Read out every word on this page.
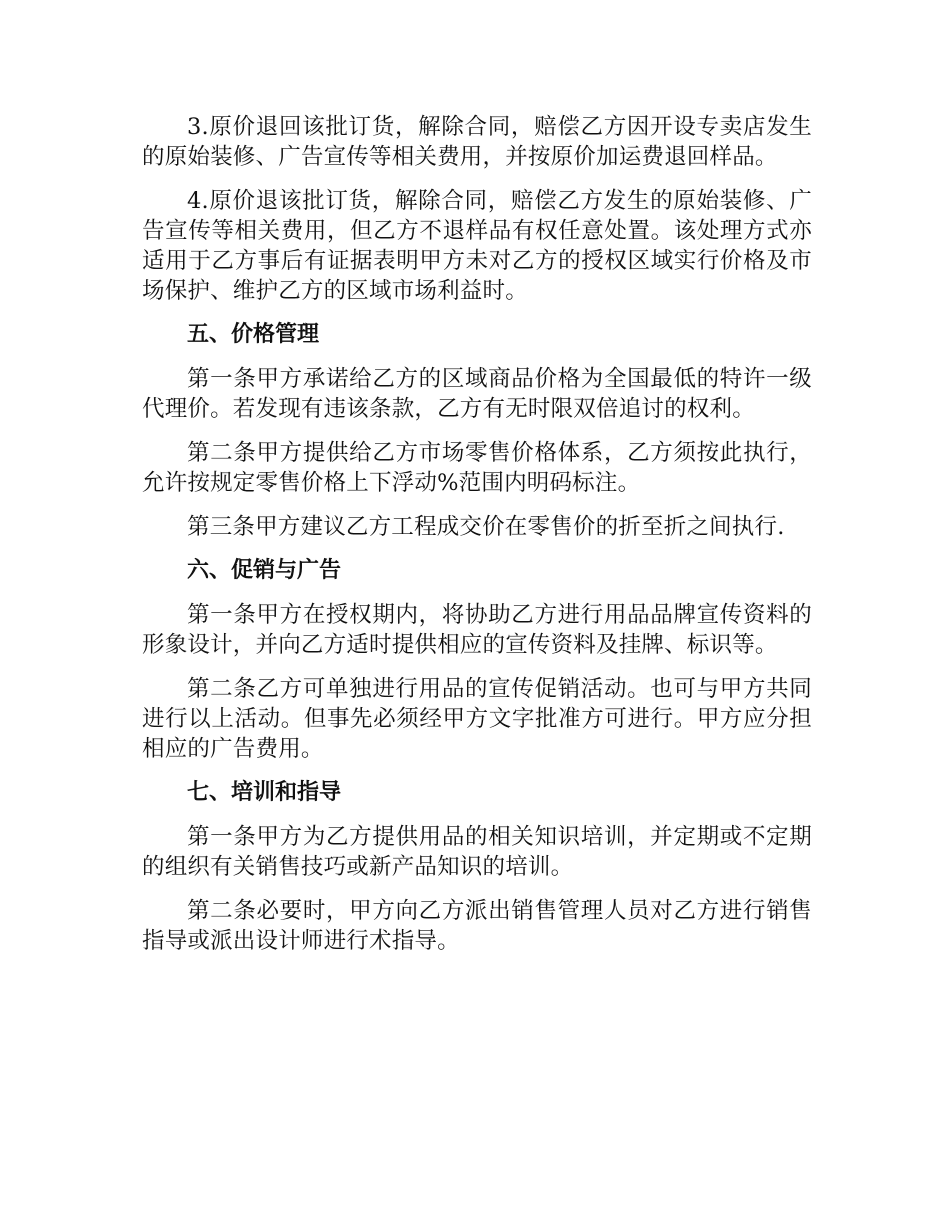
3.原价退回该批订货，解除合同，赔偿乙方因开设专卖店发生的原始装修、广告宣传等相关费用，并按原价加运费退回样品。

4.原价退该批订货，解除合同，赔偿乙方发生的原始装修、广告宣传等相关费用，但乙方不退样品有权任意处置。该处理方式亦适用于乙方事后有证据表明甲方未对乙方的授权区域实行价格及市场保护、维护乙方的区域市场利益时。

五、价格管理

第一条甲方承诺给乙方的区域商品价格为全国最低的特许一级代理价。若发现有违该条款，乙方有无时限双倍追讨的权利。

第二条甲方提供给乙方市场零售价格体系，乙方须按此执行，允许按规定零售价格上下浮动%范围内明码标注。

第三条甲方建议乙方工程成交价在零售价的折至折之间执行.

六、促销与广告

第一条甲方在授权期内，将协助乙方进行用品品牌宣传资料的形象设计，并向乙方适时提供相应的宣传资料及挂牌、标识等。

第二条乙方可单独进行用品的宣传促销活动。也可与甲方共同进行以上活动。但事先必须经甲方文字批准方可进行。甲方应分担相应的广告费用。

七、培训和指导

第一条甲方为乙方提供用品的相关知识培训，并定期或不定期的组织有关销售技巧或新产品知识的培训。

第二条必要时，甲方向乙方派出销售管理人员对乙方进行销售指导或派出设计师进行术指导。
